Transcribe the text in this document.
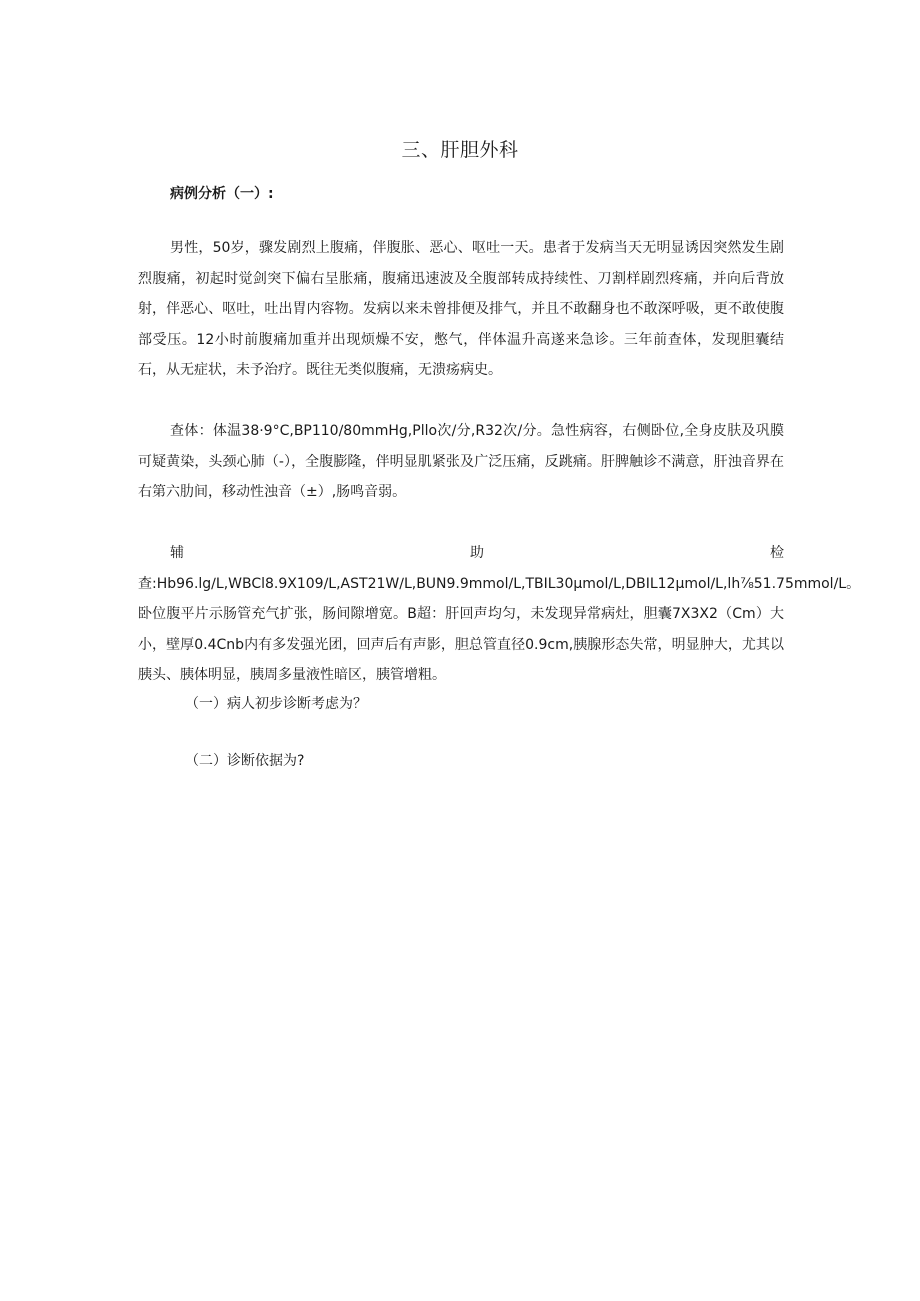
三、肝胆外科
病例分析（一）:

男性，50岁，骤发剧烈上腹痛，伴腹胀、恶心、呕吐一天。患者于发病当天无明显诱因突然发生剧烈腹痛，初起时觉剑突下偏右呈胀痛，腹痛迅速波及全腹部转成持续性、刀割样剧烈疼痛，并向后背放射，伴恶心、呕吐，吐出胃内容物。发病以来未曾排便及排气，并且不敢翻身也不敢深呼吸，更不敢使腹部受压。12小时前腹痛加重并出现烦燥不安，憋气，伴体温升高遂来急诊。三年前查体，发现胆囊结石，从无症状，未予治疗。既往无类似腹痛，无溃疡病史。

查体：体温38·9°C,BP110∕80mmHg,Pllo次/分,R32次/分。急性病容，右侧卧位,全身皮肤及巩膜可疑黄染，头颈心肺（-），全腹膨隆，伴明显肌紧张及广泛压痛，反跳痛。肝脾触诊不满意，肝浊音界在右第六肋间，移动性浊音（±）,肠鸣音弱。

辅助检查:Hb96.lg∕L,WBCl8.9X109∕L,AST21W∕L,BUN9.9mmol∕L,TBIL30μmol∕L,DBIL12μmol∕L,lh⅞51.75mmol∕L。卧位腹平片示肠管充气扩张，肠间隙增宽。B超：肝回声均匀，未发现异常病灶，胆囊7X3X2（Cm）大小，壁厚0.4Cnb内有多发强光团，回声后有声影，胆总管直径0.9cm,胰腺形态失常，明显肿大，尤其以胰头、胰体明显，胰周多量液性暗区，胰管增粗。

（一）病人初步诊断考虑为？
（二）诊断依据为?
